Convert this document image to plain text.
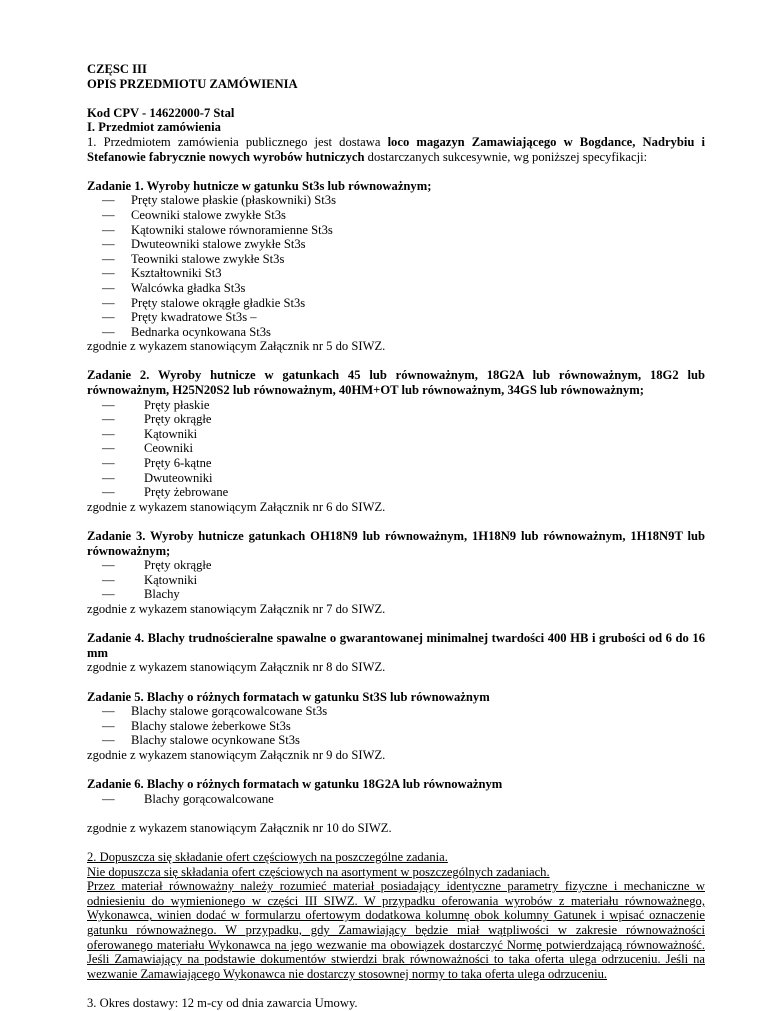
CZĘSC III

OPIS PRZEDMIOTU ZAMÓWIENIA

Kod CPV - 14622000-7 Stal

I. Przedmiot zamówienia

1. Przedmiotem zamówienia publicznego jest dostawa loco magazyn Zamawiającego w Bogdance, Nadrybiu i Stefanowie fabrycznie nowych wyrobów hutniczych dostarczanych sukcesywnie, wg poniższej specyfikacji:

Zadanie 1. Wyroby hutnicze w gatunku St3s lub równoważnym;

— Pręty stalowe płaskie (płaskowniki) St3s
— Ceowniki stalowe zwykłe St3s
— Kątowniki stalowe równoramienne St3s
— Dwuteowniki stalowe zwykłe St3s
— Teowniki stalowe zwykłe St3s
— Kształtowniki St3
— Walcówka gładka St3s
— Pręty stalowe okrągłe gładkie St3s
— Pręty kwadratowe St3s –
— Bednarka ocynkowana St3s

zgodnie z wykazem stanowiącym Załącznik nr 5 do SIWZ.

Zadanie 2. Wyroby hutnicze w gatunkach 45 lub równoważnym, 18G2A lub równoważnym, 18G2 lub równoważnym, H25N20S2 lub równoważnym, 40HM+OT lub równoważnym, 34GS lub równoważnym;

— Pręty płaskie
— Pręty okrągłe
— Kątowniki
— Ceowniki
— Pręty 6-kątne
— Dwuteowniki
— Pręty żebrowane

zgodnie z wykazem stanowiącym Załącznik nr 6 do SIWZ.

Zadanie 3. Wyroby hutnicze gatunkach OH18N9 lub równoważnym, 1H18N9 lub równoważnym, 1H18N9T lub równoważnym;

— Pręty okrągłe
— Kątowniki
— Blachy

zgodnie z wykazem stanowiącym Załącznik nr 7 do SIWZ.

Zadanie 4. Blachy trudnościeralne spawalne o gwarantowanej minimalnej twardości 400 HB i grubości od 6 do 16 mm

zgodnie z wykazem stanowiącym Załącznik nr 8 do SIWZ.

Zadanie 5. Blachy o różnych formatach w gatunku St3S lub równoważnym

— Blachy stalowe gorącowalcowane St3s
— Blachy stalowe żeberkowe St3s
— Blachy stalowe ocynkowane St3s

zgodnie z wykazem stanowiącym Załącznik nr 9 do SIWZ.

Zadanie 6. Blachy o różnych formatach w gatunku 18G2A lub równoważnym

— Blachy gorącowalcowane

zgodnie z wykazem stanowiącym Załącznik nr 10 do SIWZ.

2. Dopuszcza się składanie ofert częściowych na poszczególne zadania.

Nie dopuszcza się składania ofert częściowych na asortyment w poszczególnych zadaniach.

Przez materiał równoważny należy rozumieć materiał posiadający identyczne parametry fizyczne i mechaniczne w odniesieniu do wymienionego w części III SIWZ. W przypadku oferowania wyrobów z materiału równoważnego, Wykonawca, winien dodać w formularzu ofertowym dodatkowa kolumnę obok kolumny Gatunek i wpisać oznaczenie gatunku równoważnego. W przypadku, gdy Zamawiający będzie miał wątpliwości w zakresie równoważności oferowanego materiału Wykonawca na jego wezwanie ma obowiązek dostarczyć Normę potwierdzającą równoważność. Jeśli Zamawiający na podstawie dokumentów stwierdzi brak równoważności to taka oferta ulega odrzuceniu. Jeśli na wezwanie Zamawiającego Wykonawca nie dostarczy stosownej normy to taka oferta ulega odrzuceniu.

3. Okres dostawy: 12 m-cy od dnia zawarcia Umowy.
